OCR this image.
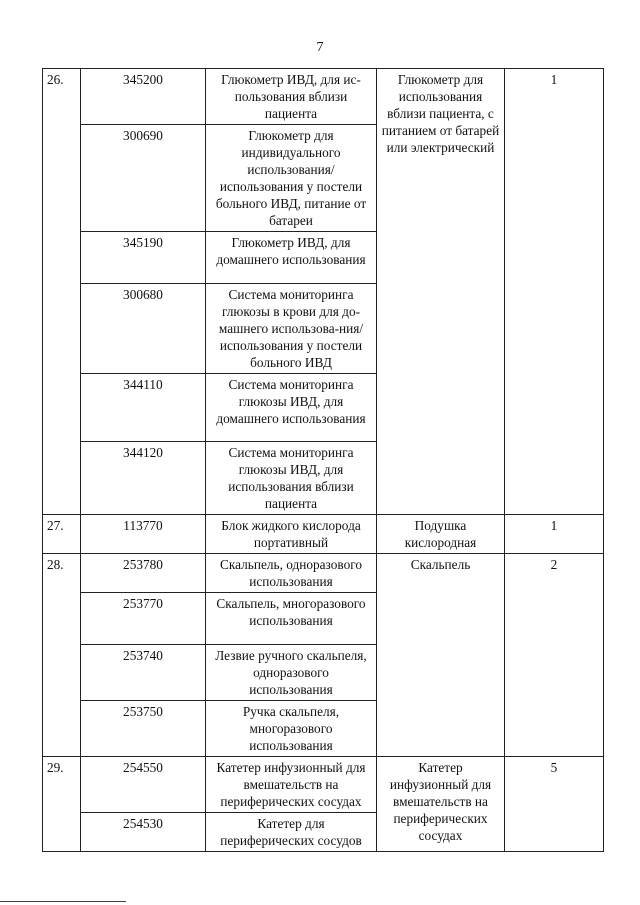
7
26.	345200	Глюкометр ИВД, для ис-пользования вблизи пациента	Глюкометр для использования вблизи пациента, с питанием от батарей или электрический	1
	300690	Глюкометр для индивидуального использования/ использования у постели больного ИВД, питание от батареи		
	345190	Глюкометр ИВД, для домашнего использования		
	300680	Система мониторинга глюкозы в крови для до-машнего использова-ния/использования у постели больного ИВД		
	344110	Система мониторинга глюкозы ИВД, для домашнего использования		
	344120	Система мониторинга глюкозы ИВД, для использования вблизи пациента		
27.	113770	Блок жидкого кислорода портативный	Подушка кислородная	1
28.	253780	Скальпель, одноразового использования	Скальпель	2
	253770	Скальпель, многоразового использования		
	253740	Лезвие ручного скальпеля, одноразового использования		
	253750	Ручка скальпеля, многоразового использования		
29.	254550	Катетер инфузионный для вмешательств на периферических сосудах	Катетер инфузионный для вмешательств на периферических сосудах	5
	254530	Катетер для периферических сосудов		
